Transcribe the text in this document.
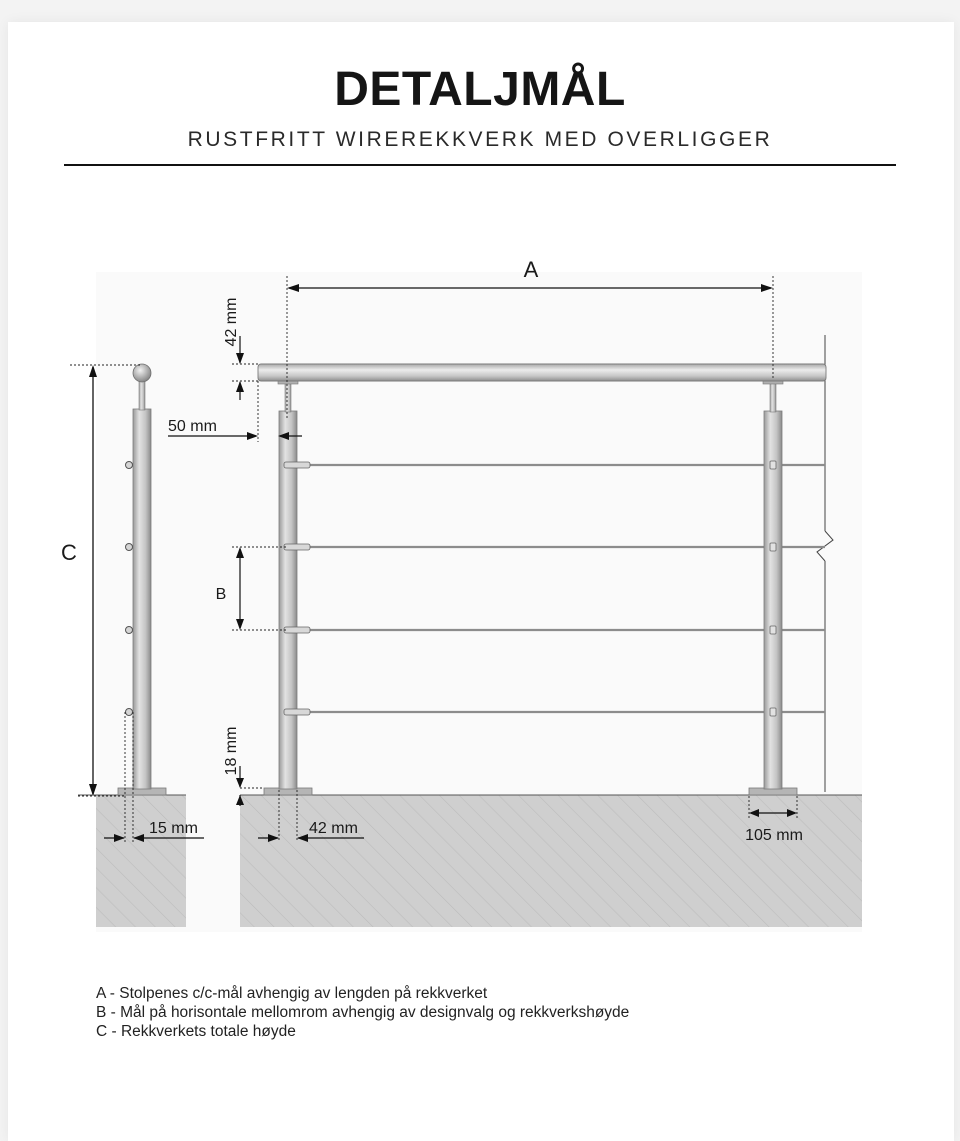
DETALJMÅL
RUSTFRITT WIREREKKVERK MED OVERLIGGER
A
C
B
50 mm
15 mm	42 mm	105 mm
42 mm
18 mm
A - Stolpenes c/c-mål avhengig av lengden på rekkverket
B - Mål på horisontale mellomrom avhengig av designvalg og rekkverkshøyde
C - Rekkverkets totale høyde
